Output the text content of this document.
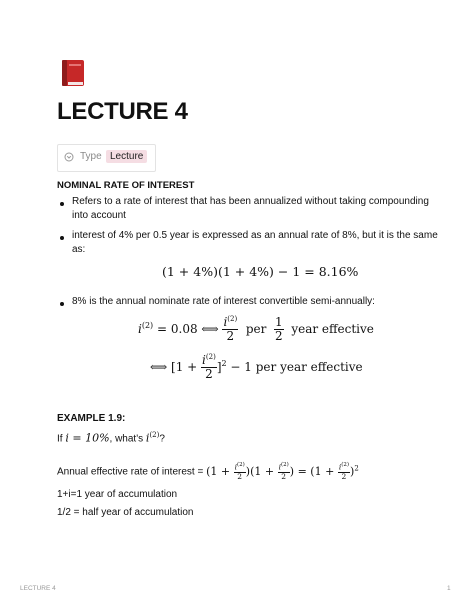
LECTURE 4
Type Lecture
NOMINAL RATE OF INTEREST
Refers to a rate of interest that has been annualized without taking compounding
into account
interest of 4% per 0.5 year is expressed as an annual rate of 8%, but it is the same
as:
(1 + 4%)(1 + 4%) − 1 = 8.16%
8% is the annual nominate rate of interest convertible semi-annually:
$i^{(2)} = 0.08$ ⟺ $\frac{i^{(2)}}{2}$ per $\frac{1}{2}$ year effective
⟺ $[1 + \frac{i^{(2)}}{2} ]^2 - 1$ per year effective
EXAMPLE 1.9:
If i = 10%, what's $i^{(2)}$?
Annual effective rate of interest = $(1 + \frac{i^{(2)}}{2} )(1 + \frac{i^{(2)}}{2}$ ) = $(1 + \frac{i^{(2)}}{2} )^2$
1+i=1 year of accumulation
1/2 = half year of accumulation
LECTURE 4	1
